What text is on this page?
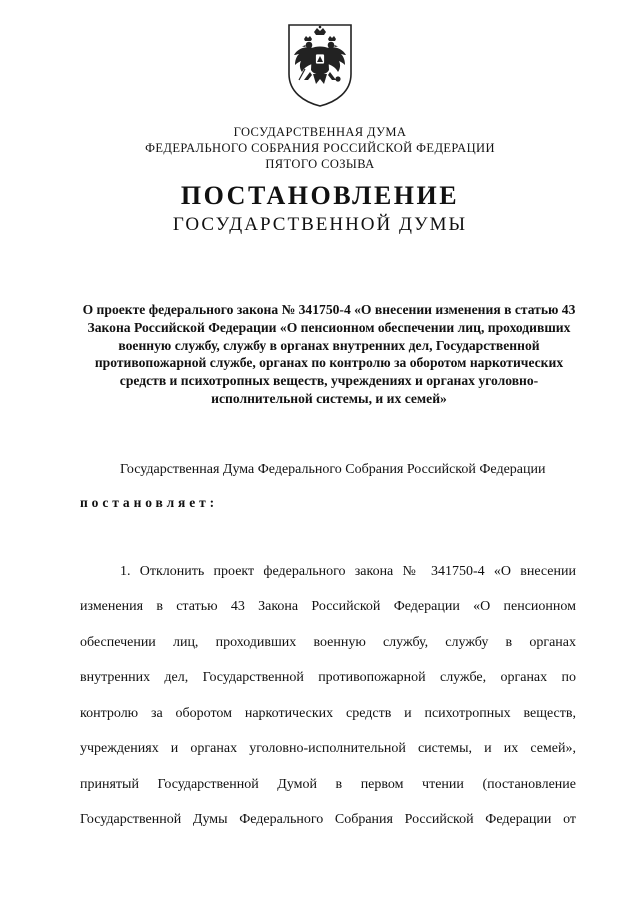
ГОСУДАРСТВЕННАЯ ДУМА
ФЕДЕРАЛЬНОГО СОБРАНИЯ РОССИЙСКОЙ ФЕДЕРАЦИИ
ПЯТОГО СОЗЫВА
ПОСТАНОВЛЕНИЕ
ГОСУДАРСТВЕННОЙ ДУМЫ
О проекте федерального закона № 341750-4 «О внесении изменения в статью 43 Закона Российской Федерации «О пенсионном обеспечении лиц, проходивших военную службу, службу в органах внутренних дел, Государственной противопожарной службе, органах по контролю за оборотом наркотических средств и психотропных веществ, учреждениях и органах уголовно-исполнительной системы, и их семей»
Государственная Дума Федерального Собрания Российской Федерации
постановляет:
1. Отклонить проект федерального закона № 341750-4 «О внесении
изменения в статью 43 Закона Российской Федерации «О пенсионном
обеспечении лиц, проходивших военную службу, службу в органах
внутренних дел, Государственной противопожарной службе, органах по
контролю за оборотом наркотических средств и психотропных веществ,
учреждениях и органах уголовно-исполнительной системы, и их семей»,
принятый Государственной Думой в первом чтении (постановление
Государственной Думы Федерального Собрания Российской Федерации от
